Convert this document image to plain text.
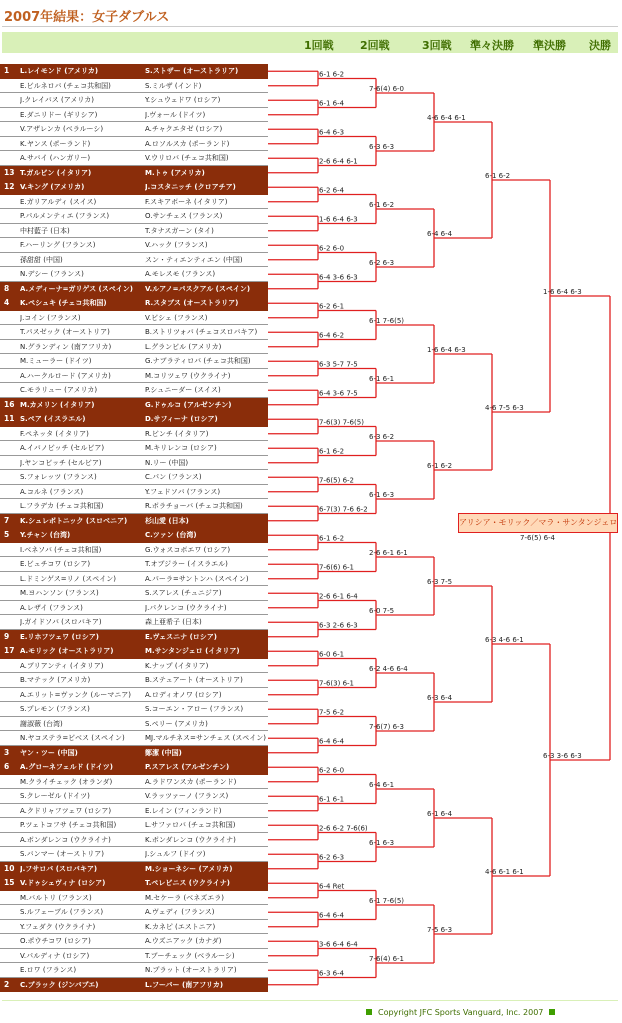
2007年結果：女子ダブルス
1回戦 2回戦	3回戦 準々決勝 準決勝 決勝
1 L.レイモンド (アメリカ)	S.ストザー (オーストラリア)
E.ビルネロバ (チェコ共和国)	S.ミルザ (インド)
J.クレイバス (アメリカ)	Y.シュウェドワ (ロシア)
E.ダニリドー (ギリシア)	J.ヴォール (ドイツ)
V.アザレンカ (ベラルーシ)	A.チャクエタゼ (ロシア)
K.ヤンス (ポーランド)	A.ロソルスカ (ポーランド)
A.サバイ (ハンガリー)	V.ウリロバ (チェコ共和国)
13 T.ガルビン (イタリア)	M.トゥ (アメリカ)
12 V.キング (アメリカ)	J.コスタニッチ (クロアチア)
E.ガリアルディ (スイス)	F.スキアボーネ (イタリア)
P.パルメンティエ (フランス)	O.サンチェス (フランス)
中村藍子 (日本)	T.タナスガーン (タイ)
F.ハーリング (フランス)	V.ハック (フランス)
孫甜甜 (中国)	スン・ティエンティエン (中国)
N.デシー (フランス)	A.モレスモ (フランス)
8 A.メディーナ=ガリゲス (スペイン)	V.ルアノ=パスクアル (スペイン)
4 K.ペシュキ (チェコ共和国)	R.スタブス (オーストラリア)
J.コイン (フランス)	V.ビシェ (フランス)
T.パスゼック (オーストリア)	B.ストリツォバ (チェコスロバキア)
N.グランディン (南アフリカ)	L.グランビル (アメリカ)
M.ミューラー (ドイツ)	G.ナブラティロバ (チェコ共和国)
A.ハークルロード (アメリカ)	M.コリツェワ (ウクライナ)
C.モラリュー (アメリカ)	P.シュニーダー (スイス)
16 M.カメリン (イタリア)	G.ドゥルコ (アルゼンチン)
11 S.ペア (イスラエル)	D.サフィーナ (ロシア)
F.ペネッタ (イタリア)	R.ビンチ (イタリア)
A.イバノビッチ (セルビア)	M.キリレンコ (ロシア)
J.ヤンコビッチ (セルビア)	N.リー (中国)
S.フォレッツ (フランス)	C.パン (フランス)
A.コルネ (フランス)	Y.フェドソバ (フランス)
L.フラデカ (チェコ共和国)	R.ボラチョーバ (チェコ共和国)
7 K.シュレボトニック (スロベニア)	杉山愛 (日本)
5 Y.チャン (台湾)	C.ツァン (台湾)
I.ベネソバ (チェコ共和国)	G.ウォスコボエワ (ロシア)
E.ビュチコワ (ロシア)	T.オブジラー (イスラエル)
L.ドミンゲス=リノ (スペイン)	A.パーラ=サントンハ (スペイン)
M.ヨハンソン (フランス)	S.スアレス (チュニジア)
A.レザイ (フランス)	J.パクレンコ (ウクライナ)
J.ガイドソバ (スロバキア)	森上亜希子 (日本)
9 E.リホフツェワ (ロシア)	E.ヴェスニナ (ロシア)
17 A.モリック (オーストラリア)	M.サンタンジェロ (イタリア)
A.ブリアンティ (イタリア)	K.ナップ (イタリア)
B.マテック (アメリカ)	B.ステュアート (オーストリア)
A.エリット=ヴァンク (ルーマニア)	A.ロディオノワ (ロシア)
S.プレモン (フランス)	S.コーエン・アロー (フランス)
謝淑薇 (台湾)	S.ペリー (アメリカ)
N.ヤコステラ=ビベス (スペイン)	MJ.マルチネス=サンチェス (スペイン)
3 ヤン・ツー (中国)	鄭潔 (中国)
6 A.グローネフェルド (ドイツ)	P.スアレス (アルゼンチン)
M.クライチェック (オランダ)	A.ラドワンスカ (ポーランド)
S.クレーゼル (ドイツ)	V.ラッツァーノ (フランス)
A.クドリャフツェワ (ロシア)	E.レイン (フィンランド)
P.ツェトコフサ (チェコ共和国)	L.サファロバ (チェコ共和国)
A.ボンダレンコ (ウクライナ)	K.ボンダレンコ (ウクライナ)
S.バンマー (オーストリア)	J.シュルフ (ドイツ)
10 J.フサロバ (スロバキア)	M.ショーネシー (アメリカ)
15 V.ドゥシェヴィナ (ロシア)	T.ペレビニス (ウクライナ)
M.バルトリ (フランス)	M.セケーラ (ベネズエラ)
S.ルフェーブル (フランス)	A.ヴェディ (フランス)
Y.フェダク (ウクライナ)	K.カネピ (エストニア)
O.ポウチコワ (ロシア)	A.ウズニアック (カナダ)
V.パルディナ (ロシア)	T.ブーチェック (ベラルーシ)
E.ロワ (フランス)	N.プラット (オーストラリア)
2 C.ブラック (ジンバブエ)	L.フーバー (南アフリカ)
6-1 6-2
6-1 6-4
6-4 6-3
2-6 6-4 6-1
6-2 6-4
1-6 6-4 6-3
6-2 6-0
6-4 3-6 6-3
6-2 6-1
6-4 6-2
6-3 5-7 7-5
6-4 3-6 7-5
7-6(3) 7-6(5)
6-1 6-2
7-6(5) 6-2
6-7(3) 7-6 6-2
6-1 6-2
7-6(6) 6-1
2-6 6-1 6-4
6-3 2-6 6-3
6-0 6-1
7-6(3) 6-1
7-5 6-2
6-4 6-4
6-2 6-0
6-1 6-1
2-6 6-2 7-6(6)
6-2 6-3
6-4 Ret
6-4 6-4
3-6 6-4 6-4
6-3 6-4
7-6(4) 6-0
6-3 6-3
6-1 6-2
6-2 6-3
6-1 7-6(5)
6-1 6-1
6-3 6-2
6-1 6-3
2-6 6-1 6-1
6-0 7-5
6-2 4-6 6-4
7-6(7) 6-3
6-4 6-1
6-1 6-3
6-1 7-6(5)
7-6(4) 6-1
4-6 6-4 6-1
6-4 6-4
1-6 6-4 6-3
6-1 6-2
6-3 7-5
6-3 6-4
6-1 6-4
7-5 6-3
6-1 6-2
4-6 7-5 6-3
6-3 4-6 6-1
4-6 6-1 6-1
1-6 6-4 6-3
6-3 3-6 6-3
アリシア・モリック／マラ・サンタンジェロ
7-6(5) 6-4
Copyright JFC Sports Vanguard, Inc. 2007
